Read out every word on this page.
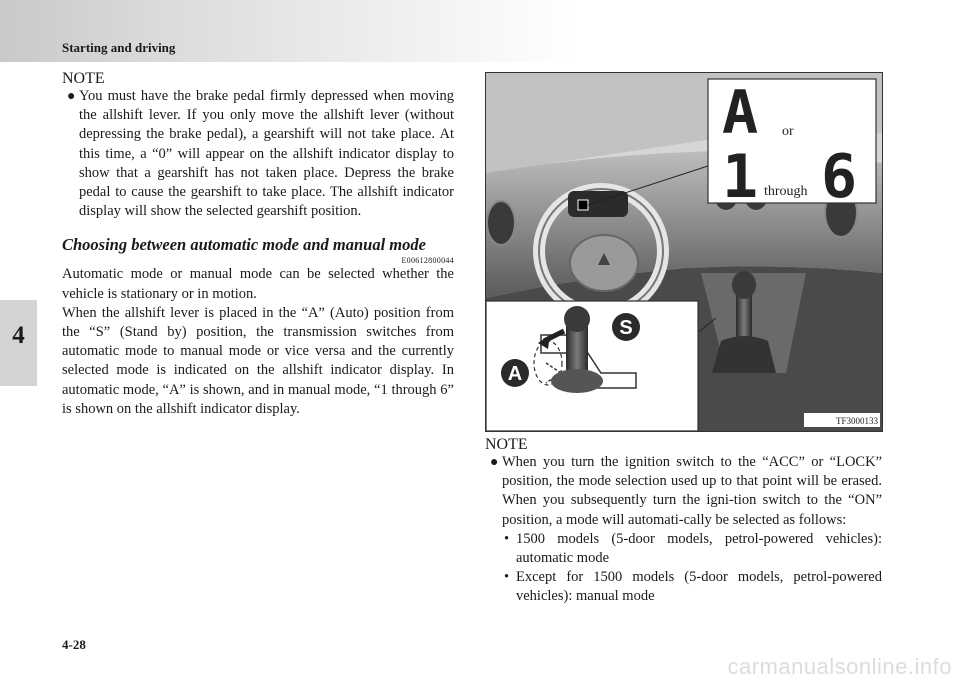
Starting and driving
4
NOTE
● You must have the brake pedal firmly depressed when moving the allshift lever. If you only move the allshift lever (without depressing the brake pedal), a gearshift will not take place. At this time, a “0” will appear on the allshift indicator display to show that a gearshift has not taken place. Depress the brake pedal to cause the gearshift to take place. The allshift indicator display will show the selected gearshift position.
Choosing between automatic mode and manual mode
E00612800044
Automatic mode or manual mode can be selected whether the vehicle is stationary or in motion.
When the allshift lever is placed in the “A” (Auto) position from the “S” (Stand by) position, the transmission switches from automatic mode to manual mode or vice versa and the currently selected mode is indicated on the allshift indicator display. In automatic mode, “A” is shown, and in manual mode, “1 through 6” is shown on the allshift indicator display.
A or
1 through 6
S
A
TF3000133
NOTE
● When you turn the ignition switch to the “ACC” or “LOCK” position, the mode selection used up to that point will be erased. When you subsequently turn the igni-tion switch to the “ON” position, a mode will automati-cally be selected as follows:
• 1500 models (5-door models, petrol-powered vehicles): automatic mode
• Except for 1500 models (5-door models, petrol-powered vehicles): manual mode
4-28
carmanualsonline.info
